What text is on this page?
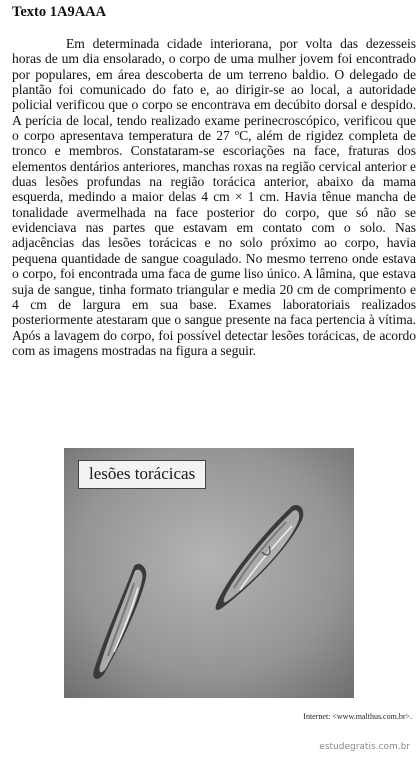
Texto 1A9AAA
Em determinada cidade interiorana, por volta das dezesseis horas de um dia ensolarado, o corpo de uma mulher jovem foi encontrado por populares, em área descoberta de um terreno baldio. O delegado de plantão foi comunicado do fato e, ao dirigir-se ao local, a autoridade policial verificou que o corpo se encontrava em decúbito dorsal e despido. A perícia de local, tendo realizado exame perinecroscópico, verificou que o corpo apresentava temperatura de 27 ºC, além de rigidez completa de tronco e membros. Constataram-se escoriações na face, fraturas dos elementos dentários anteriores, manchas roxas na região cervical anterior e duas lesões profundas na região torácica anterior, abaixo da mama esquerda, medindo a maior delas 4 cm × 1 cm. Havia tênue mancha de tonalidade avermelhada na face posterior do corpo, que só não se evidenciava nas partes que estavam em contato com o solo. Nas adjacências das lesões torácicas e no solo próximo ao corpo, havia pequena quantidade de sangue coagulado. No mesmo terreno onde estava o corpo, foi encontrada uma faca de gume liso único. A lâmina, que estava suja de sangue, tinha formato triangular e media 20 cm de comprimento e 4 cm de largura em sua base. Exames laboratoriais realizados posteriormente atestaram que o sangue presente na faca pertencia à vítima. Após a lavagem do corpo, foi possível detectar lesões torácicas, de acordo com as imagens mostradas na figura a seguir.
lesões torácicas
Internet: <www.malthus.com.br>.
estudegratis.com.br
